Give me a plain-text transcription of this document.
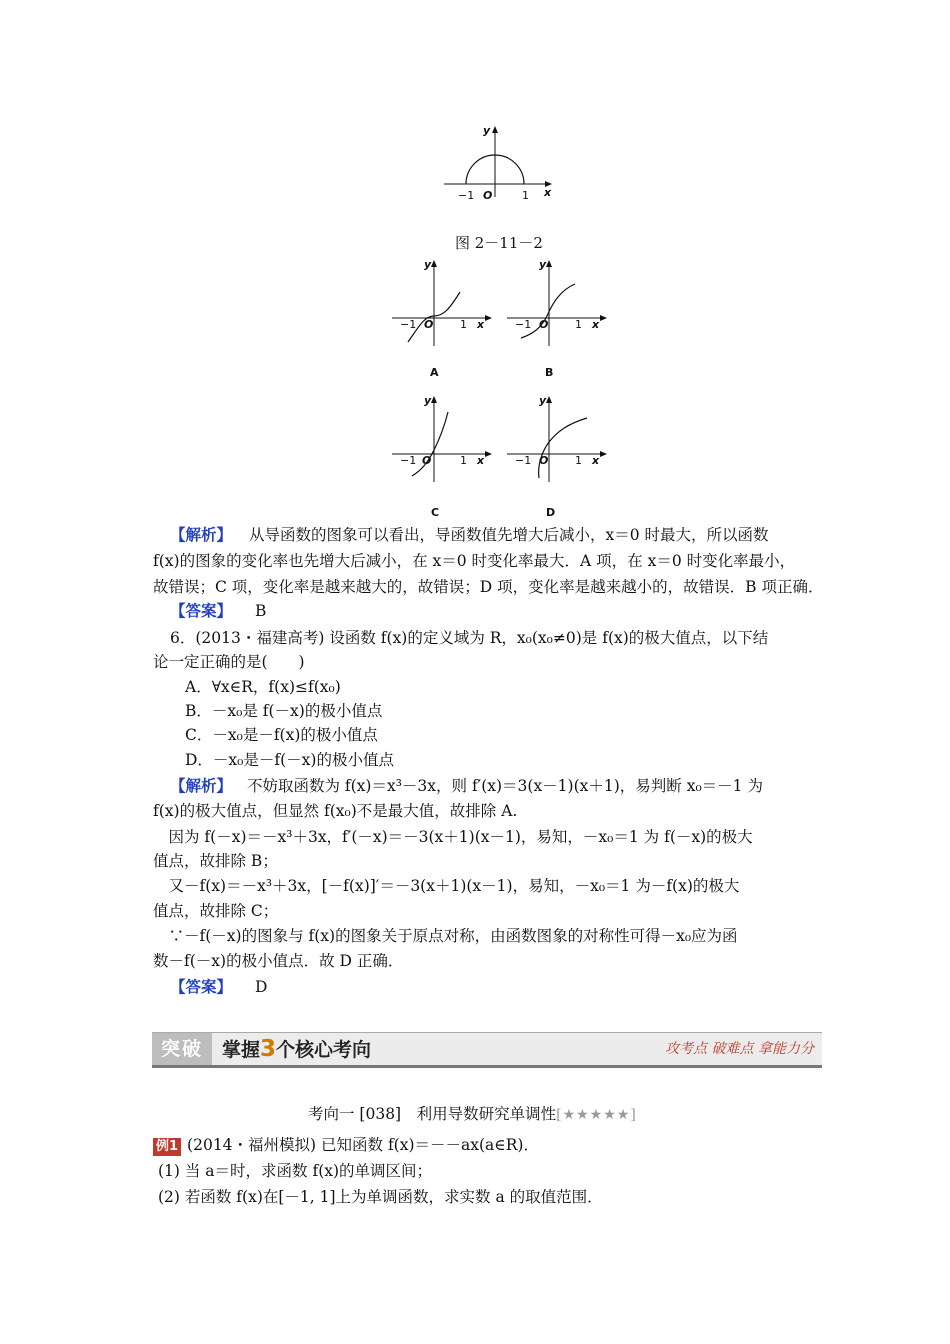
−1 O	1 x
y
图 2－11－2
−1 O 1 x
y
A
−1 O 1 x
y
B
−1 O	1 x
y
C
−1 O 1 x
y
D
【解析】 从导函数的图象可以看出，导函数值先增大后减小，x＝0 时最大，所以函数
f(x)的图象的变化率也先增大后减小，在 x＝0 时变化率最大．A 项，在 x＝0 时变化率最小，
故错误；C 项，变化率是越来越大的，故错误；D 项，变化率是越来越小的，故错误．B 项正确．
【答案】 B
6．(2013・福建高考) 设函数 f(x)的定义域为 R，x₀(x₀≠0)是 f(x)的极大值点，以下结
论一定正确的是(　　)
A．∀x∈R，f(x)≤f(x₀)
B．－x₀是 f(－x)的极小值点
C．－x₀是－f(x)的极小值点
D．－x₀是－f(－x)的极小值点
【解析】 不妨取函数为 f(x)＝x³－3x，则 f′(x)＝3(x－1)(x＋1)，易判断 x₀＝－1 为
f(x)的极大值点，但显然 f(x₀)不是最大值，故排除 A.
　因为 f(－x)＝－x³＋3x，f′(－x)＝－3(x＋1)(x－1)，易知，－x₀＝1 为 f(－x)的极大
值点，故排除 B；
　又－f(x)＝－x³＋3x，[－f(x)]′＝－3(x＋1)(x－1)，易知，－x₀＝1 为－f(x)的极大
值点，故排除 C；
　∵－f(－x)的图象与 f(x)的图象关于原点对称，由函数图象的对称性可得－x₀应为函
数－f(－x)的极小值点．故 D 正确．
【答案】 D
突破	掌握3个核心考向	攻考点 破难点 拿能力分
考向一 [038]　利用导数研究单调性[★★★★★]
例1 (2014・福州模拟) 已知函数 f(x)＝－－ax(a∈R)．
(1) 当 a＝时，求函数 f(x)的单调区间；
(2) 若函数 f(x)在[－1, 1]上为单调函数，求实数 a 的取值范围．
